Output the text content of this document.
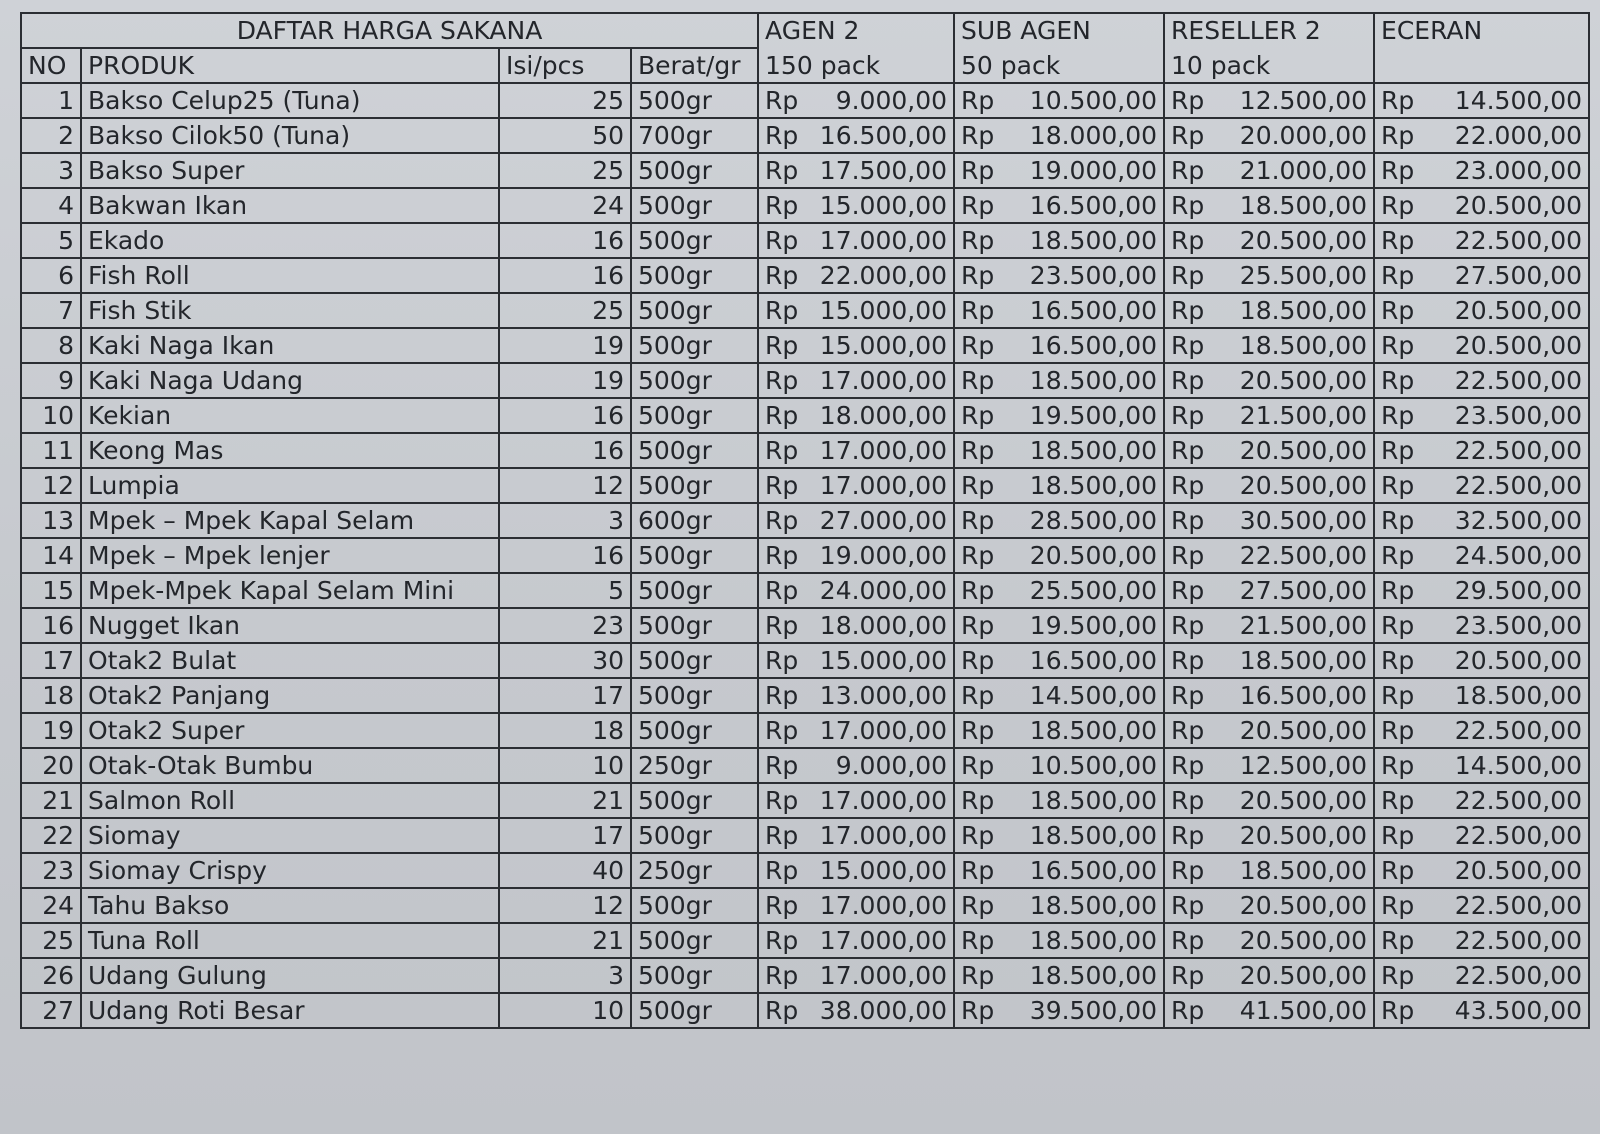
DAFTAR HARGA SAKANA				AGEN 2	SUB AGEN	RESELLER 2	ECERAN
NO	PRODUK	Isi/pcs	Berat/gr	150 pack	50 pack	10 pack	
1	Bakso Celup25 (Tuna)	25	500gr	Rp 9.000,00	Rp 10.500,00	Rp 12.500,00	Rp 14.500,00

2	Bakso Cilok50 (Tuna)	50	700gr	Rp 16.500,00	Rp 18.000,00	Rp 20.000,00	Rp 22.000,00

3	Bakso Super	25	500gr	Rp 17.500,00	Rp 19.000,00	Rp 21.000,00	Rp 23.000,00

4	Bakwan Ikan	24	500gr	Rp 15.000,00	Rp 16.500,00	Rp 18.500,00	Rp 20.500,00

5	Ekado	16	500gr	Rp 17.000,00	Rp 18.500,00	Rp 20.500,00	Rp 22.500,00

6	Fish Roll	16	500gr	Rp 22.000,00	Rp 23.500,00	Rp 25.500,00	Rp 27.500,00

7	Fish Stik	25	500gr	Rp 15.000,00	Rp 16.500,00	Rp 18.500,00	Rp 20.500,00

8	Kaki Naga Ikan	19	500gr	Rp 15.000,00	Rp 16.500,00	Rp 18.500,00	Rp 20.500,00

9	Kaki Naga Udang	19	500gr	Rp 17.000,00	Rp 18.500,00	Rp 20.500,00	Rp 22.500,00

10	Kekian	16	500gr	Rp 18.000,00	Rp 19.500,00	Rp 21.500,00	Rp 23.500,00

11	Keong Mas	16	500gr	Rp 17.000,00	Rp 18.500,00	Rp 20.500,00	Rp 22.500,00

12	Lumpia	12	500gr	Rp 17.000,00	Rp 18.500,00	Rp 20.500,00	Rp 22.500,00

13	Mpek – Mpek Kapal Selam	3	600gr	Rp 27.000,00	Rp 28.500,00	Rp 30.500,00	Rp 32.500,00

14	Mpek – Mpek lenjer	16	500gr	Rp 19.000,00	Rp 20.500,00	Rp 22.500,00	Rp 24.500,00

15	Mpek-Mpek Kapal Selam Mini	5	500gr	Rp 24.000,00	Rp 25.500,00	Rp 27.500,00	Rp 29.500,00

16	Nugget Ikan	23	500gr	Rp 18.000,00	Rp 19.500,00	Rp 21.500,00	Rp 23.500,00

17	Otak2 Bulat	30	500gr	Rp 15.000,00	Rp 16.500,00	Rp 18.500,00	Rp 20.500,00

18	Otak2 Panjang	17	500gr	Rp 13.000,00	Rp 14.500,00	Rp 16.500,00	Rp 18.500,00

19	Otak2 Super	18	500gr	Rp 17.000,00	Rp 18.500,00	Rp 20.500,00	Rp 22.500,00

20	Otak-Otak Bumbu	10	250gr	Rp 9.000,00	Rp 10.500,00	Rp 12.500,00	Rp 14.500,00

21	Salmon Roll	21	500gr	Rp 17.000,00	Rp 18.500,00	Rp 20.500,00	Rp 22.500,00

22	Siomay	17	500gr	Rp 17.000,00	Rp 18.500,00	Rp 20.500,00	Rp 22.500,00

23	Siomay Crispy	40	250gr	Rp 15.000,00	Rp 16.500,00	Rp 18.500,00	Rp 20.500,00

24	Tahu Bakso	12	500gr	Rp 17.000,00	Rp 18.500,00	Rp 20.500,00	Rp 22.500,00

25	Tuna Roll	21	500gr	Rp 17.000,00	Rp 18.500,00	Rp 20.500,00	Rp 22.500,00

26	Udang Gulung	3	500gr	Rp 17.000,00	Rp 18.500,00	Rp 20.500,00	Rp 22.500,00

27	Udang Roti Besar	10	500gr	Rp 38.000,00	Rp 39.500,00	Rp 41.500,00	Rp 43.500,00
